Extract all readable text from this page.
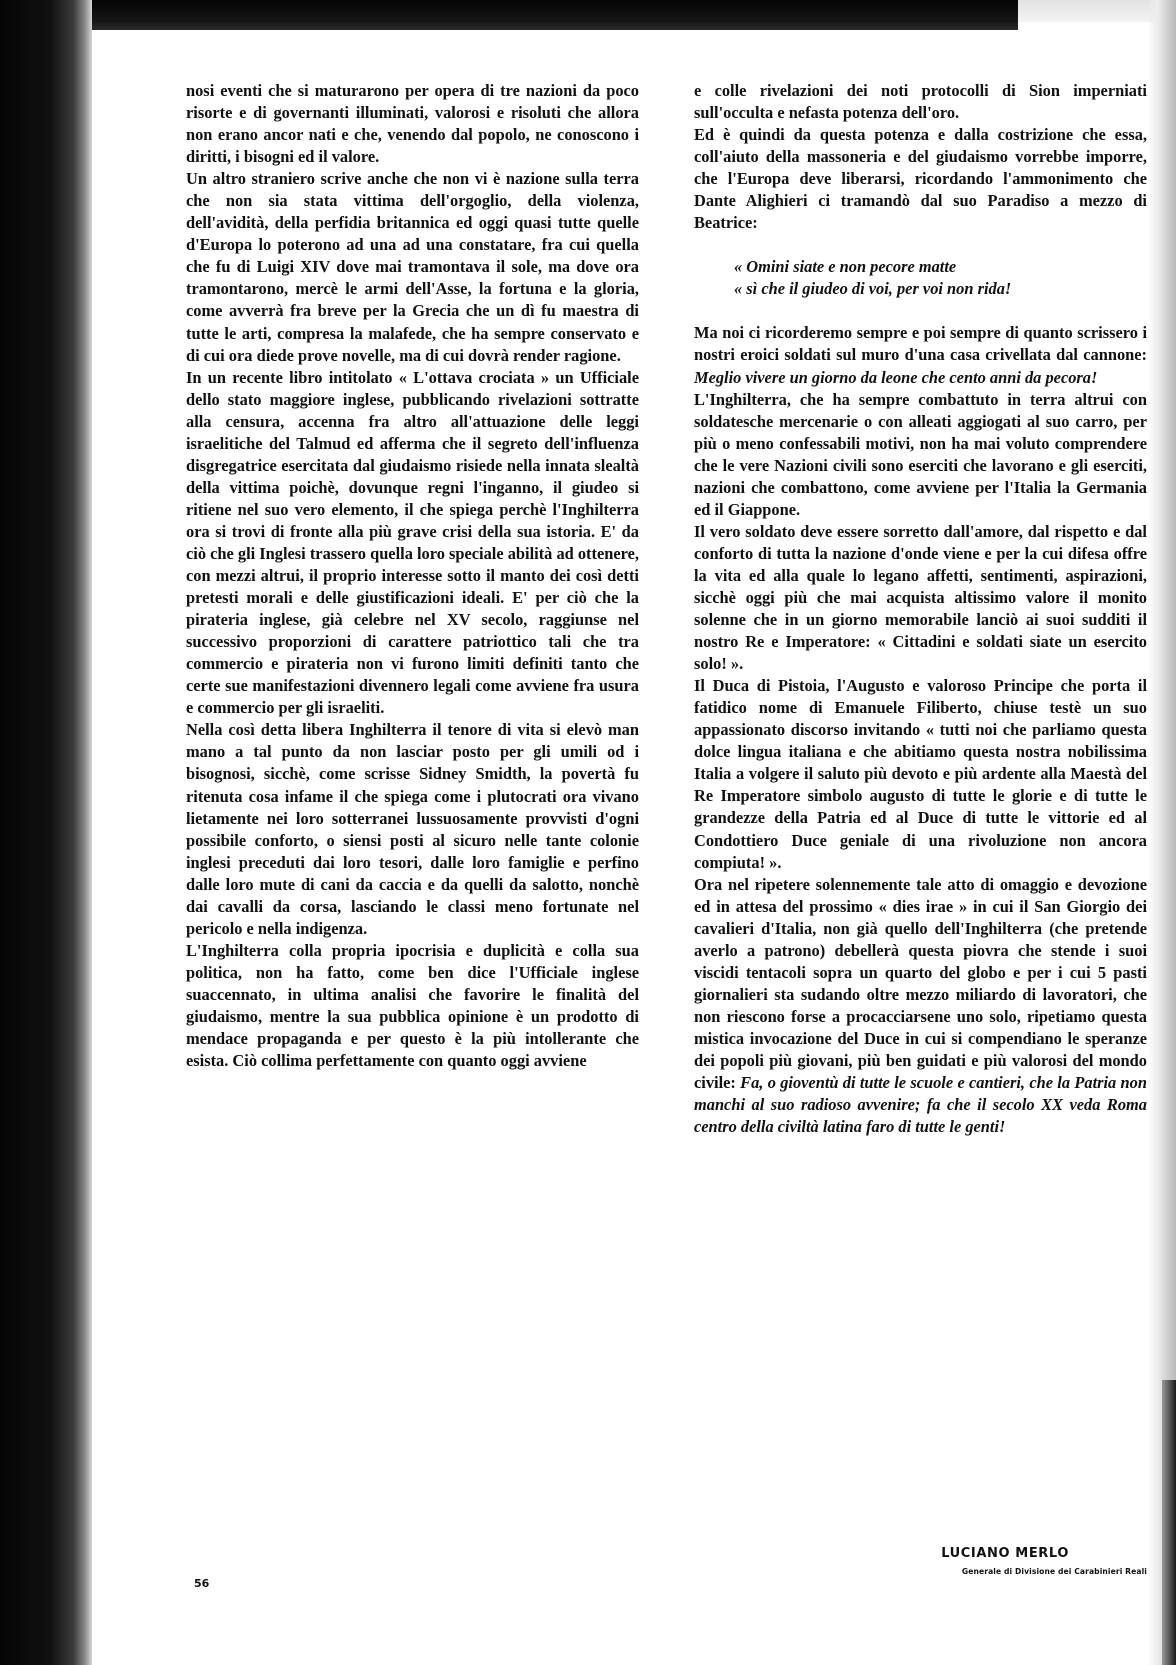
nosi eventi che si maturarono per opera di tre nazioni da poco risorte e di governanti illuminati, valorosi e risoluti che allora non erano ancor nati e che, venendo dal popolo, ne conoscono i diritti, i bisogni ed il valore.

Un altro straniero scrive anche che non vi è nazione sulla terra che non sia stata vittima dell'orgoglio, della violenza, dell'avidità, della perfidia britannica ed oggi quasi tutte quelle d'Europa lo poterono ad una ad una constatare, fra cui quella che fu di Luigi XIV dove mai tramontava il sole, ma dove ora tramontarono, mercè le armi dell'Asse, la fortuna e la gloria, come avverrà fra breve per la Grecia che un dì fu maestra di tutte le arti, compresa la malafede, che ha sempre conservato e di cui ora diede prove novelle, ma di cui dovrà render ragione.

In un recente libro intitolato « L'ottava crociata » un Ufficiale dello stato maggiore inglese, pubblicando rivelazioni sottratte alla censura, accenna fra altro all'attuazione delle leggi israelitiche del Talmud ed afferma che il segreto dell'influenza disgregatrice esercitata dal giudaismo risiede nella innata slealtà della vittima poichè, dovunque regni l'inganno, il giudeo si ritiene nel suo vero elemento, il che spiega perchè l'Inghilterra ora si trovi di fronte alla più grave crisi della sua istoria. E' da ciò che gli Inglesi trassero quella loro speciale abilità ad ottenere, con mezzi altrui, il proprio interesse sotto il manto dei così detti pretesti morali e delle giustificazioni ideali. E' per ciò che la pirateria inglese, già celebre nel XV secolo, raggiunse nel successivo proporzioni di carattere patriottico tali che tra commercio e pirateria non vi furono limiti definiti tanto che certe sue manifestazioni divennero legali come avviene fra usura e commercio per gli israeliti.

Nella così detta libera Inghilterra il tenore di vita si elevò man mano a tal punto da non lasciar posto per gli umili od i bisognosi, sicchè, come scrisse Sidney Smidth, la povertà fu ritenuta cosa infame il che spiega come i plutocrati ora vivano lietamente nei loro sotterranei lussuosamente provvisti d'ogni possibile conforto, o siensi posti al sicuro nelle tante colonie inglesi preceduti dai loro tesori, dalle loro famiglie e perfino dalle loro mute di cani da caccia e da quelli da salotto, nonchè dai cavalli da corsa, lasciando le classi meno fortunate nel pericolo e nella indigenza.

L'Inghilterra colla propria ipocrisia e duplicità e colla sua politica, non ha fatto, come ben dice l'Ufficiale inglese suaccennato, in ultima analisi che favorire le finalità del giudaismo, mentre la sua pubblica opinione è un prodotto di mendace propaganda e per questo è la più intollerante che esista. Ciò collima perfettamente con quanto oggi avviene

e colle rivelazioni dei noti protocolli di Sion imperniati sull'occulta e nefasta potenza dell'oro.

Ed è quindi da questa potenza e dalla costrizione che essa, coll'aiuto della massoneria e del giudaismo vorrebbe imporre, che l'Europa deve liberarsi, ricordando l'ammonimento che Dante Alighieri ci tramandò dal suo Paradiso a mezzo di Beatrice:

« Omini siate e non pecore matte
« sì che il giudeo di voi, per voi non rida!

Ma noi ci ricorderemo sempre e poi sempre di quanto scrissero i nostri eroici soldati sul muro d'una casa crivellata dal cannone: Meglio vivere un giorno da leone che cento anni da pecora!

L'Inghilterra, che ha sempre combattuto in terra altrui con soldatesche mercenarie o con alleati aggiogati al suo carro, per più o meno confessabili motivi, non ha mai voluto comprendere che le vere Nazioni civili sono eserciti che lavorano e gli eserciti, nazioni che combattono, come avviene per l'Italia la Germania ed il Giappone.

Il vero soldato deve essere sorretto dall'amore, dal rispetto e dal conforto di tutta la nazione d'onde viene e per la cui difesa offre la vita ed alla quale lo legano affetti, sentimenti, aspirazioni, sicchè oggi più che mai acquista altissimo valore il monito solenne che in un giorno memorabile lanciò ai suoi sudditi il nostro Re e Imperatore: « Cittadini e soldati siate un esercito solo! ».

Il Duca di Pistoia, l'Augusto e valoroso Principe che porta il fatidico nome di Emanuele Filiberto, chiuse testè un suo appassionato discorso invitando « tutti noi che parliamo questa dolce lingua italiana e che abitiamo questa nostra nobilissima Italia a volgere il saluto più devoto e più ardente alla Maestà del Re Imperatore simbolo augusto di tutte le glorie e di tutte le grandezze della Patria ed al Duce di tutte le vittorie ed al Condottiero Duce geniale di una rivoluzione non ancora compiuta! ».

Ora nel ripetere solennemente tale atto di omaggio e devozione ed in attesa del prossimo « dies irae » in cui il San Giorgio dei cavalieri d'Italia, non già quello dell'Inghilterra (che pretende averlo a patrono) debellerà questa piovra che stende i suoi viscidi tentacoli sopra un quarto del globo e per i cui 5 pasti giornalieri sta sudando oltre mezzo miliardo di lavoratori, che non riescono forse a procacciarsene uno solo, ripetiamo questa mistica invocazione del Duce in cui si compendiano le speranze dei popoli più giovani, più ben guidati e più valorosi del mondo civile: Fa, o gioventù di tutte le scuole e cantieri, che la Patria non manchi al suo radioso avvenire; fa che il secolo XX veda Roma centro della civiltà latina faro di tutte le genti!

LUCIANO MERLO
Generale di Divisione dei Carabinieri Reali
56
